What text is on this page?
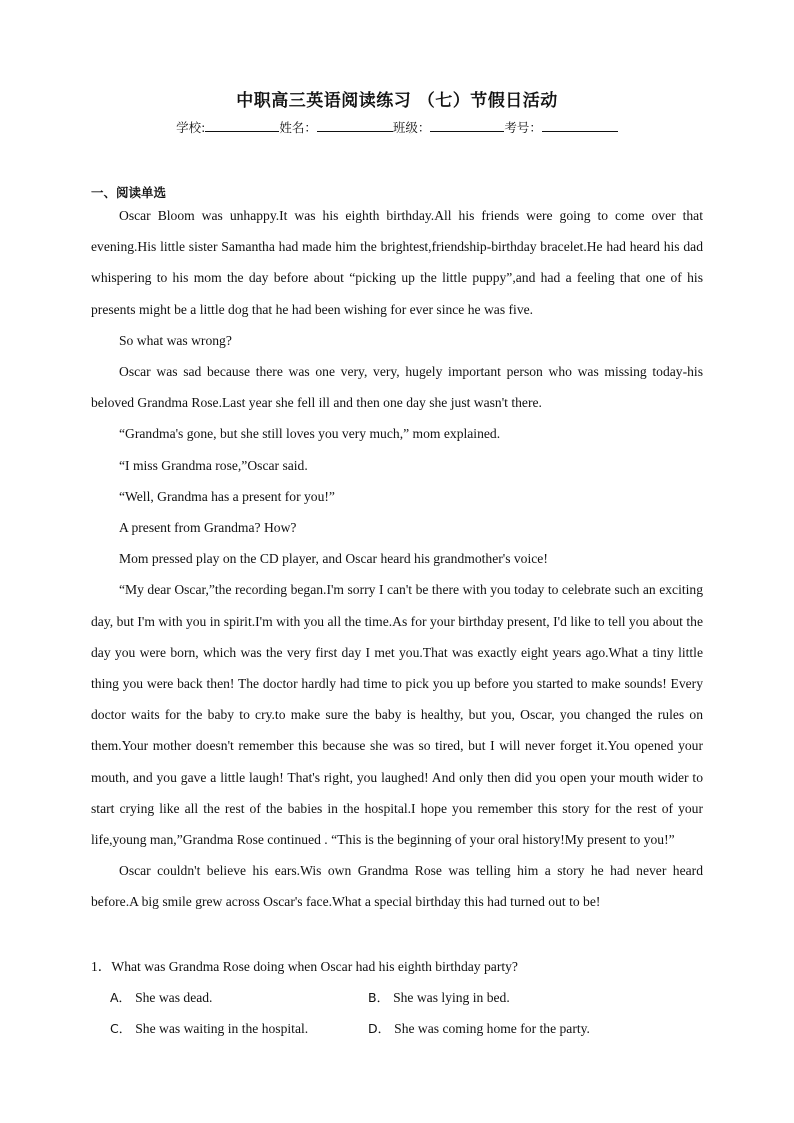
中职高三英语阅读练习 （七）节假日活动
学校:	姓名：	班级：	考号：
一、阅读单选

Oscar Bloom was unhappy.It was his eighth birthday.All his friends were going to come over that evening.His little sister Samantha had made him the brightest,friendship-birthday bracelet.He had heard his dad whispering to his mom the day before about “picking up the little puppy”,and had a feeling that one of his presents might be a little dog that he had been wishing for ever since he was five.

So what was wrong?

Oscar was sad because there was one very, very, hugely important person who was missing today-his beloved Grandma Rose.Last year she fell ill and then one day she just wasn't there.

“Grandma's gone, but she still loves you very much,” mom explained.

“I miss Grandma rose,”Oscar said.

“Well, Grandma has a present for you!”

A present from Grandma? How?

Mom pressed play on the CD player, and Oscar heard his grandmother's voice!

“My dear Oscar,”the recording began.I'm sorry I can't be there with you today to celebrate such an exciting day, but I'm with you in spirit.I'm with you all the time.As for your birthday present, I'd like to tell you about the day you were born, which was the very first day I met you.That was exactly eight years ago.What a tiny little thing you were back then! The doctor hardly had time to pick you up before you started to make sounds! Every doctor waits for the baby to cry.to make sure the baby is healthy, but you, Oscar, you changed the rules on them.Your mother doesn't remember this because she was so tired, but I will never forget it.You opened your mouth, and you gave a little laugh! That's right, you laughed! And only then did you open your mouth wider to start crying like all the rest of the babies in the hospital.I hope you remember this story for the rest of your life,young man,”Grandma Rose continued . “This is the beginning of your oral history!My present to you!”

Oscar couldn't believe his ears.Wis own Grandma Rose was telling him a story he had never heard before.A big smile grew across Oscar's face.What a special birthday this had turned out to be!

1．What was Grandma Rose doing when Oscar had his eighth birthday party?
A． She was dead.	B． She was lying in bed.
C． She was waiting in the hospital.	D． She was coming home for the party.
